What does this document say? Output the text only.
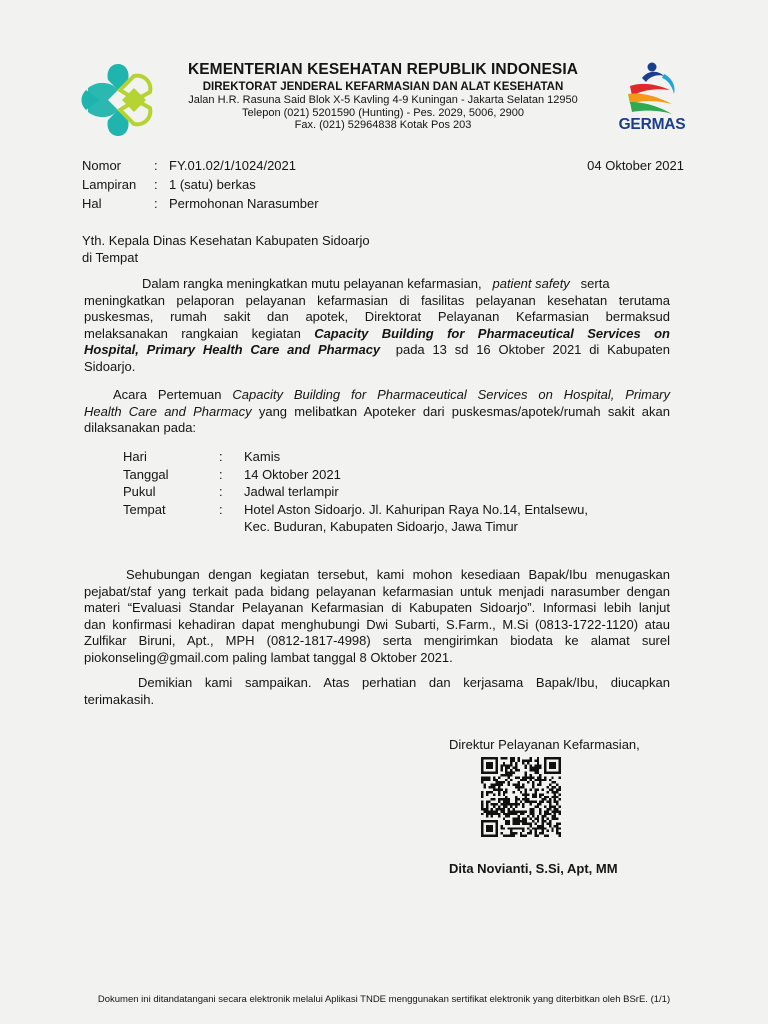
KEMENTERIAN KESEHATAN REPUBLIK INDONESIA
DIREKTORAT JENDERAL KEFARMASIAN DAN ALAT KESEHATAN
Jalan H.R. Rasuna Said Blok X-5 Kavling 4-9 Kuningan - Jakarta Selatan 12950
Telepon (021) 5201590 (Hunting) - Pes. 2029, 5006, 2900
Fax. (021) 52964838 Kotak Pos 203	GERMAS
Nomor	: FY.01.02/1/1024/2021
Lampiran : 1 (satu) berkas
Hal	: Permohonan Narasumber
04 Oktober 2021
Yth. Kepala Dinas Kesehatan Kabupaten Sidoarjo
di Tempat
Dalam rangka meningkatkan mutu pelayanan kefarmasian, patient safety serta
meningkatkan pelaporan pelayanan kefarmasian di fasilitas pelayanan kesehatan terutama
puskesmas, rumah sakit dan apotek, Direktorat Pelayanan Kefarmasian bermaksud
melaksanakan rangkaian kegiatan Capacity Building for Pharmaceutical Services on
Hospital, Primary Health Care and Pharmacy pada 13 sd 16 Oktober 2021 di Kabupaten
Sidoarjo.
Acara Pertemuan Capacity Building for Pharmaceutical Services on Hospital, Primary
Health Care and Pharmacy yang melibatkan Apoteker dari puskesmas/apotek/rumah sakit akan
dilaksanakan pada:
Hari	: Kamis
Tanggal	: 14 Oktober 2021
Pukul	: Jadwal terlampir
Tempat	: Hotel Aston Sidoarjo. Jl. Kahuripan Raya No.14, Entalsewu,
Kec. Buduran, Kabupaten Sidoarjo, Jawa Timur
Sehubungan dengan kegiatan tersebut, kami mohon kesediaan Bapak/Ibu menugaskan
pejabat/staf yang terkait pada bidang pelayanan kefarmasian untuk menjadi narasumber dengan
materi “Evaluasi Standar Pelayanan Kefarmasian di Kabupaten Sidoarjo”. Informasi lebih lanjut
dan konfirmasi kehadiran dapat menghubungi Dwi Subarti, S.Farm., M.Si (0813-1722-1120) atau
Zulfikar Biruni, Apt., MPH (0812-1817-4998) serta mengirimkan biodata ke alamat surel
piokonseling@gmail.com paling lambat tanggal 8 Oktober 2021.
Demikian kami sampaikan. Atas perhatian dan kerjasama Bapak/Ibu, diucapkan
terimakasih.
Direktur Pelayanan Kefarmasian,
Dita Novianti, S.Si, Apt, MM
Dokumen ini ditandatangani secara elektronik melalui Aplikasi TNDE menggunakan sertifikat elektronik yang diterbitkan oleh BSrE. (1/1)
